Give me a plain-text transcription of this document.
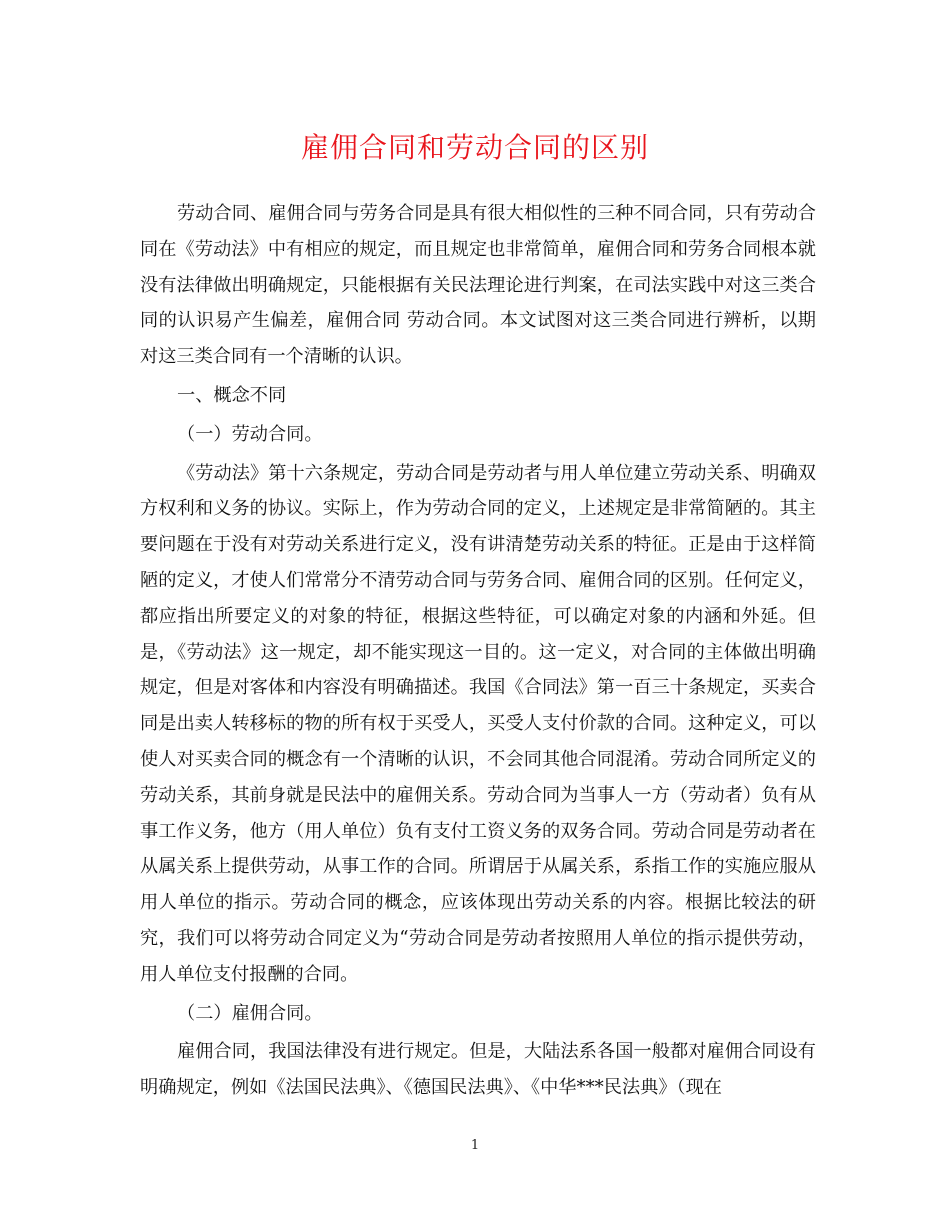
雇佣合同和劳动合同的区别

劳动合同、雇佣合同与劳务合同是具有很大相似性的三种不同合同，只有劳动合同在《劳动法》中有相应的规定，而且规定也非常简单，雇佣合同和劳务合同根本就没有法律做出明确规定，只能根据有关民法理论进行判案，在司法实践中对这三类合同的认识易产生偏差，雇佣合同 劳动合同。本文试图对这三类合同进行辨析，以期对这三类合同有一个清晰的认识。

一、概念不同

（一）劳动合同。

《劳动法》第十六条规定，劳动合同是劳动者与用人单位建立劳动关系、明确双方权利和义务的协议。实际上，作为劳动合同的定义，上述规定是非常简陋的。其主要问题在于没有对劳动关系进行定义，没有讲清楚劳动关系的特征。正是由于这样简陋的定义，才使人们常常分不清劳动合同与劳务合同、雇佣合同的区别。任何定义，都应指出所要定义的对象的特征，根据这些特征，可以确定对象的内涵和外延。但是，《劳动法》这一规定，却不能实现这一目的。这一定义，对合同的主体做出明确规定，但是对客体和内容没有明确描述。我国《合同法》第一百三十条规定，买卖合同是出卖人转移标的物的所有权于买受人，买受人支付价款的合同。这种定义，可以使人对买卖合同的概念有一个清晰的认识，不会同其他合同混淆。劳动合同所定义的劳动关系，其前身就是民法中的雇佣关系。劳动合同为当事人一方（劳动者）负有从事工作义务，他方（用人单位）负有支付工资义务的双务合同。劳动合同是劳动者在从属关系上提供劳动，从事工作的合同。所谓居于从属关系，系指工作的实施应服从用人单位的指示。劳动合同的概念，应该体现出劳动关系的内容。根据比较法的研究，我们可以将劳动合同定义为“劳动合同是劳动者按照用人单位的指示提供劳动，用人单位支付报酬的合同。

（二）雇佣合同。

雇佣合同，我国法律没有进行规定。但是，大陆法系各国一般都对雇佣合同设有明确规定，例如《法国民法典》、《德国民法典》、《中华***民法典》（现在

1
